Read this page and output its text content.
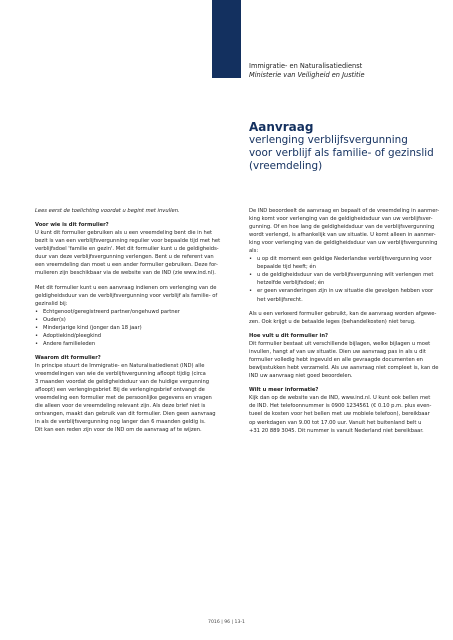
Immigratie- en Naturalisatiedienst
Ministerie van Veiligheid en Justitie
Aanvraag
verlenging verblijfsvergunning
voor verblijf als familie- of gezinslid
(vreemdeling)

Lees eerst de toelichting voordat u begint met invullen.

Voor wie is dit formulier?

U kunt dit formulier gebruiken als u een vreemdeling bent die in het
bezit is van een verblijfsvergunning regulier voor bepaalde tijd met het
verblijfsdoel 'familie en gezin'. Met dit formulier kunt u de geldigheids-
duur van deze verblijfsvergunning verlengen. Bent u de referent van
een vreemdeling dan moet u een ander formulier gebruiken. Deze for-
mulieren zijn beschikbaar via de website van de IND (zie www.ind.nl).

Met dit formulier kunt u een aanvraag indienen om verlenging van de
geldigheidsduur van de verblijfsvergunning voor verblijf als familie- of
gezinslid bij:

• Echtgenoot/geregistreerd partner/ongehuwd partner
• Ouder(s)
• Minderjarige kind (jonger dan 18 jaar)
• Adoptiekind/pleegkind
• Andere familieleden
Waarom dit formulier?

In principe stuurt de Immigratie- en Naturalisatiedienst (IND) alle
vreemdelingen van wie de verblijfsvergunning afloopt tijdig (circa
3 maanden voordat de geldigheidsduur van de huidige vergunning
afloopt) een verlengingsbrief. Bij de verlengingsbrief ontvangt de
vreemdeling een formulier met de persoonlijke gegevens en vragen
die alleen voor de vreemdeling relevant zijn. Als deze brief niet is
ontvangen, maakt dan gebruik van dit formulier. Dien geen aanvraag
in als de verblijfsvergunning nog langer dan 6 maanden geldig is.
Dit kan een reden zijn voor de IND om de aanvraag af te wijzen.

De IND beoordeelt de aanvraag en bepaalt of de vreemdeling in aanmer-
king komt voor verlenging van de geldigheidsduur van uw verblijfsver-
gunning. Of en hoe lang de geldigheidsduur van de verblijfsvergunning
wordt verlengd, is afhankelijk van uw situatie. U komt alleen in aanmer-
king voor verlenging van de geldigheidsduur van uw verblijfsvergunning
als:

• u op dit moment een geldige Nederlandse verblijfsvergunning voor
bepaalde tijd heeft; én
• u de geldigheidsduur van de verblijfsvergunning wilt verlengen met
hetzelfde verblijfsdoel; én
• er geen veranderingen zijn in uw situatie die gevolgen hebben voor
het verblijfsrecht.

Als u een verkeerd formulier gebruikt, kan de aanvraag worden afgewe-
zen. Ook krijgt u de betaalde leges (behandelkosten) niet terug.

Hoe vult u dit formulier in?

Dit formulier bestaat uit verschillende bijlagen, welke bijlagen u moet
invullen, hangt af van uw situatie. Dien uw aanvraag pas in als u dit
formulier volledig hebt ingevuld en alle gevraagde documenten en
bewijsstukken hebt verzameld. Als uw aanvraag niet compleet is, kan de
IND uw aanvraag niet goed beoordelen.

Wilt u meer informatie?

Kijk dan op de website van de IND, www.ind.nl. U kunt ook bellen met
de IND. Het telefoonnummer is 0900 1234561 (€ 0.10 p.m. plus even-
tueel de kosten voor het bellen met uw mobiele telefoon), bereikbaar
op werkdagen van 9.00 tot 17.00 uur. Vanuit het buitenland belt u
+31 20 889 3045. Dit nummer is vanuit Nederland niet bereikbaar.

7016 | 96 | 13-1
